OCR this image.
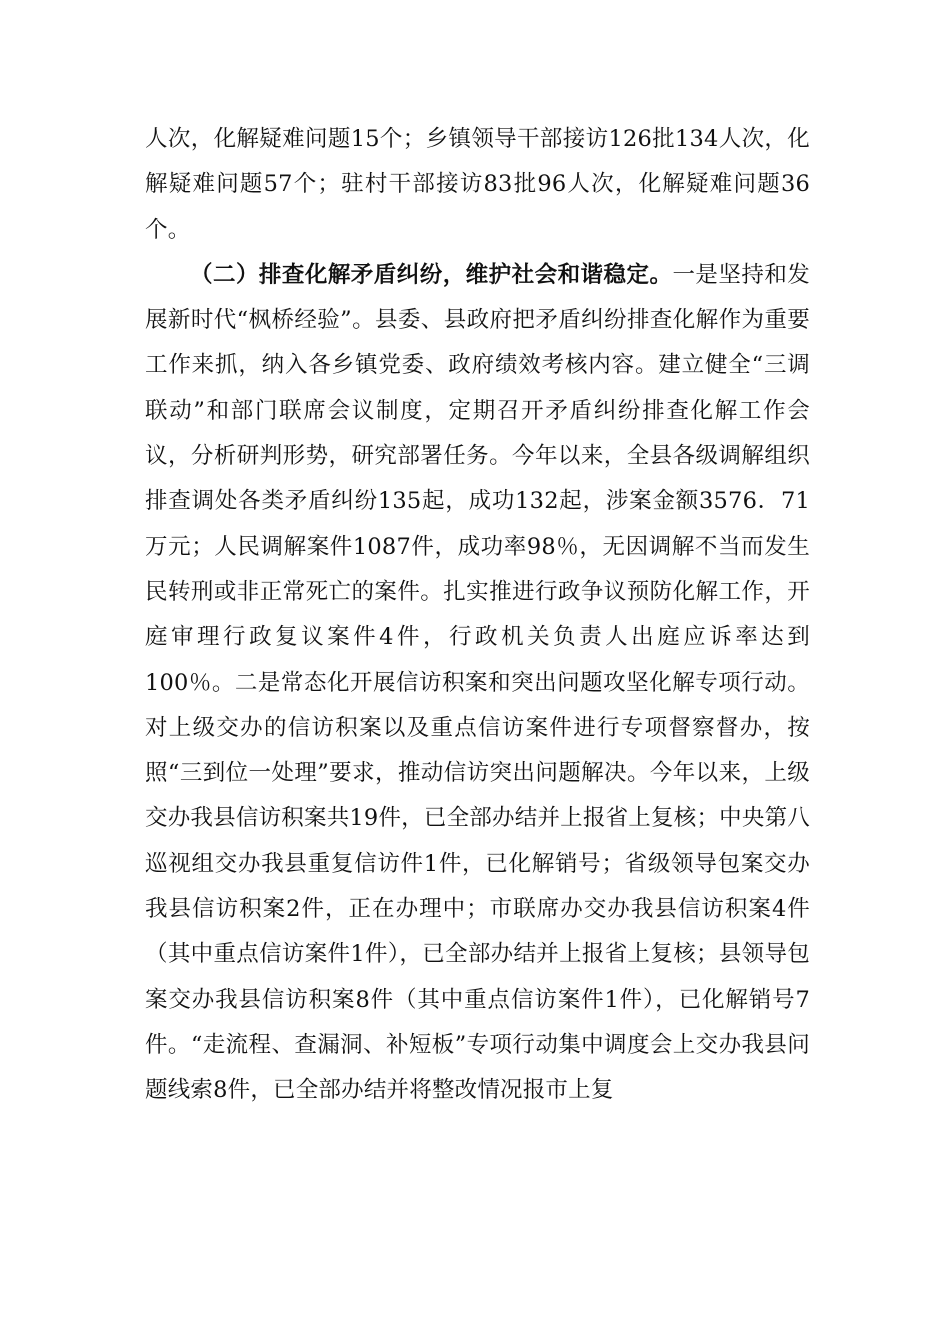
人次，化解疑难问题15个；乡镇领导干部接访126批134人次，化解疑难问题57个；驻村干部接访83批96人次，化解疑难问题36个。

（二）排查化解矛盾纠纷，维护社会和谐稳定。一是坚持和发展新时代“枫桥经验”。县委、县政府把矛盾纠纷排查化解作为重要工作来抓，纳入各乡镇党委、政府绩效考核内容。建立健全“三调联动”和部门联席会议制度，定期召开矛盾纠纷排查化解工作会议，分析研判形势，研究部署任务。今年以来，全县各级调解组织排查调处各类矛盾纠纷135起，成功132起，涉案金额3576．71万元；人民调解案件1087件，成功率98％，无因调解不当而发生民转刑或非正常死亡的案件。扎实推进行政争议预防化解工作，开庭审理行政复议案件4件，行政机关负责人出庭应诉率达到100％。二是常态化开展信访积案和突出问题攻坚化解专项行动。对上级交办的信访积案以及重点信访案件进行专项督察督办，按照“三到位一处理”要求，推动信访突出问题解决。今年以来，上级交办我县信访积案共19件，已全部办结并上报省上复核；中央第八巡视组交办我县重复信访件1件，已化解销号；省级领导包案交办我县信访积案2件，正在办理中；市联席办交办我县信访积案4件（其中重点信访案件1件），已全部办结并上报省上复核；县领导包案交办我县信访积案8件（其中重点信访案件1件），已化解销号7件。“走流程、查漏洞、补短板”专项行动集中调度会上交办我县问题线索8件，已全部办结并将整改情况报市上复
